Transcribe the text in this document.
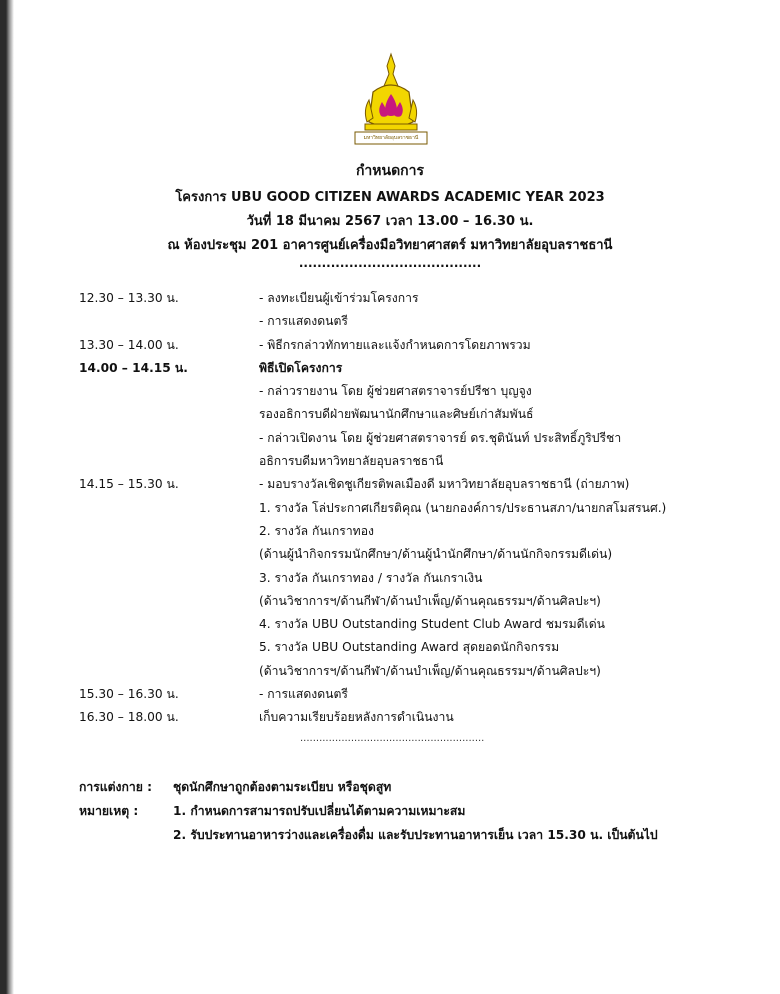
มหาวิทยาลัยอุบลราชธานี
กำหนดการ
โครงการ UBU GOOD CITIZEN AWARDS ACADEMIC YEAR 2023
วันที่ 18 มีนาคม 2567 เวลา 13.00 – 16.30 น.
ณ ห้องประชุม 201 อาคารศูนย์เครื่องมือวิทยาศาสตร์ มหาวิทยาลัยอุบลราชธานี
........................................
12.30 – 13.30 น.	- ลงทะเบียนผู้เข้าร่วมโครงการ
- การแสดงดนตรี
13.30 – 14.00 น.	- พิธีกรกล่าวทักทายและแจ้งกำหนดการโดยภาพรวม
14.00 – 14.15 น.	พิธีเปิดโครงการ
- กล่าวรายงาน โดย ผู้ช่วยศาสตราจารย์ปรีชา บุญจูง
รองอธิการบดีฝ่ายพัฒนานักศึกษาและศิษย์เก่าสัมพันธ์
- กล่าวเปิดงาน โดย ผู้ช่วยศาสตราจารย์ ดร.ชุตินันท์ ประสิทธิ์ภูริปรีชา
อธิการบดีมหาวิทยาลัยอุบลราชธานี
14.15 – 15.30 น.	- มอบรางวัลเชิดชูเกียรติพลเมืองดี มหาวิทยาลัยอุบลราชธานี (ถ่ายภาพ)
1. รางวัล โล่ประกาศเกียรติคุณ (นายกองค์การ/ประธานสภา/นายกสโมสรนศ.)
2. รางวัล กันเกราทอง
(ด้านผู้นำกิจกรรมนักศึกษา/ด้านผู้นำนักศึกษา/ด้านนักกิจกรรมดีเด่น)
3. รางวัล กันเกราทอง / รางวัล กันเกราเงิน
(ด้านวิชาการฯ/ด้านกีฬา/ด้านบำเพ็ญ/ด้านคุณธรรมฯ/ด้านศิลปะฯ)
4. รางวัล UBU Outstanding Student Club Award ชมรมดีเด่น
5. รางวัล UBU Outstanding Award สุดยอดนักกิจกรรม
(ด้านวิชาการฯ/ด้านกีฬา/ด้านบำเพ็ญ/ด้านคุณธรรมฯ/ด้านศิลปะฯ)
15.30 – 16.30 น.	- การแสดงดนตรี
16.30 – 18.00 น.	เก็บความเรียบร้อยหลังการดำเนินงาน
..........................................................
การแต่งกาย :	ชุดนักศึกษาถูกต้องตามระเบียบ หรือชุดสูท
หมายเหตุ :	1. กำหนดการสามารถปรับเปลี่ยนได้ตามความเหมาะสม
2. รับประทานอาหารว่างและเครื่องดื่ม และรับประทานอาหารเย็น เวลา 15.30 น. เป็นต้นไป
